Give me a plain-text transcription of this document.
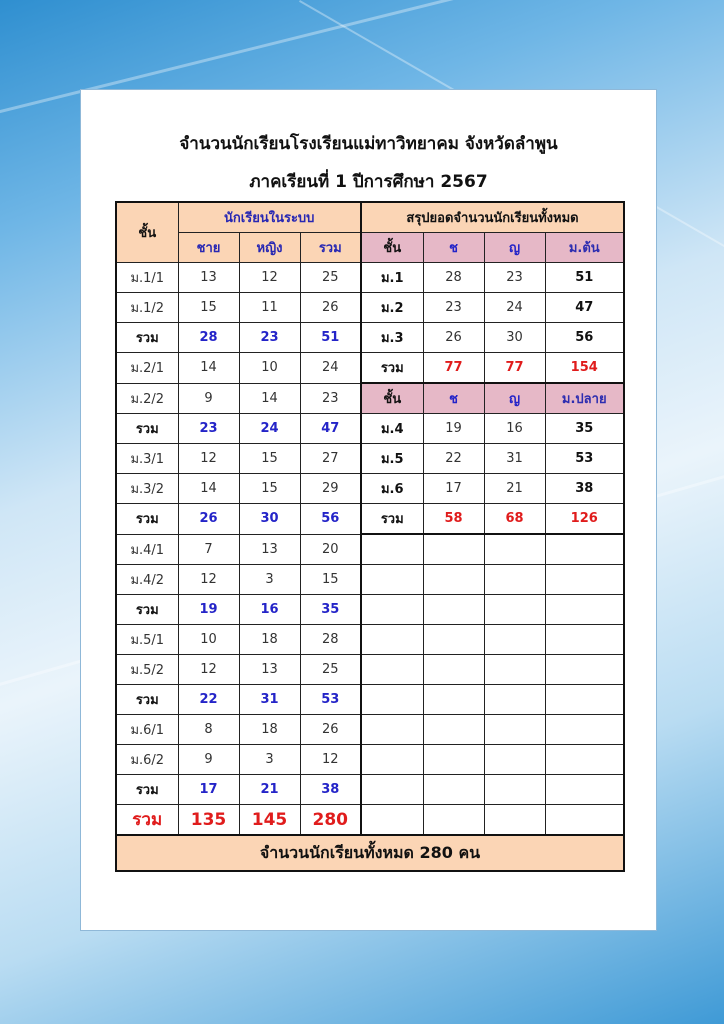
จำนวนนักเรียนโรงเรียนแม่ทาวิทยาคม จังหวัดลำพูน
ภาคเรียนที่ 1 ปีการศึกษา 2567
ชั้น	นักเรียนในระบบ			สรุปยอดจำนวนนักเรียนทั้งหมด			
	ชาย	หญิง	รวม	ชั้น	ช	ญ	ม.ต้น
ม.1/1	13	12	25	ม.1	28	23	51
ม.1/2	15	11	26	ม.2	23	24	47
รวม	28	23	51	ม.3	26	30	56
ม.2/1	14	10	24	รวม	77	77	154
ม.2/2	9	14	23	ชั้น	ช	ญ	ม.ปลาย
รวม	23	24	47	ม.4	19	16	35
ม.3/1	12	15	27	ม.5	22	31	53
ม.3/2	14	15	29	ม.6	17	21	38
รวม	26	30	56	รวม	58	68	126
ม.4/1	7	13	20				
ม.4/2	12	3	15				
รวม	19	16	35				
ม.5/1	10	18	28				
ม.5/2	12	13	25				
รวม	22	31	53				
ม.6/1	8	18	26				
ม.6/2	9	3	12				
รวม	17	21	38				
รวม	135	145	280				
จำนวนนักเรียนทั้งหมด 280 คน							
